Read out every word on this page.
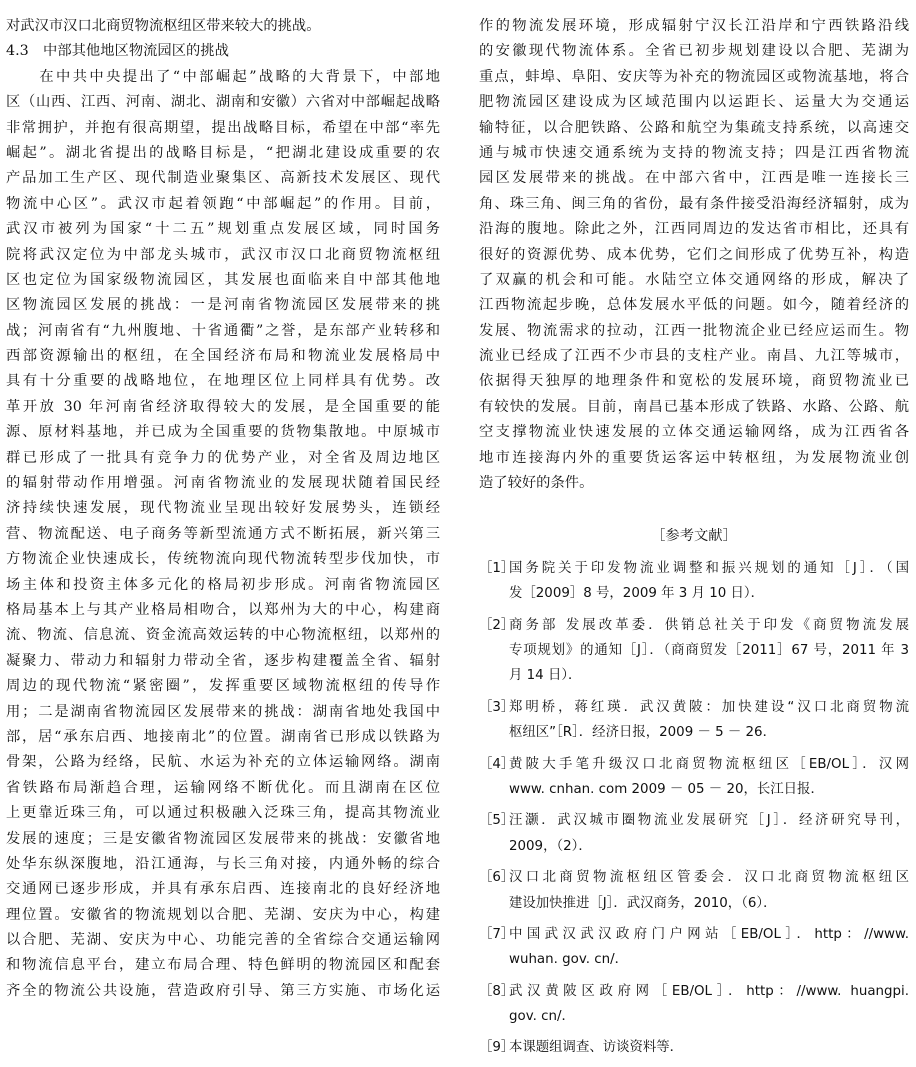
对武汉市汉口北商贸物流枢纽区带来较大的挑战。
4.3　中部其他地区物流园区的挑战
　　在中共中央提出了“中部崛起”战略的大背景下，中部地
区（山西、江西、河南、湖北、湖南和安徽）六省对中部崛起战略
非常拥护，并抱有很高期望，提出战略目标，希望在中部“率先
崛起”。湖北省提出的战略目标是，“把湖北建设成重要的农
产品加工生产区、现代制造业聚集区、高新技术发展区、现代
物流中心区”。武汉市起着领跑“中部崛起”的作用。目前，
武汉市被列为国家“十二五”规划重点发展区域，同时国务
院将武汉定位为中部龙头城市，武汉市汉口北商贸物流枢纽
区也定位为国家级物流园区，其发展也面临来自中部其他地
区物流园区发展的挑战：一是河南省物流园区发展带来的挑
战；河南省有“九州腹地、十省通衢”之誉，是东部产业转移和
西部资源输出的枢纽，在全国经济布局和物流业发展格局中
具有十分重要的战略地位，在地理区位上同样具有优势。改
革开放 30 年河南省经济取得较大的发展，是全国重要的能
源、原材料基地，并已成为全国重要的货物集散地。中原城市
群已形成了一批具有竞争力的优势产业，对全省及周边地区
的辐射带动作用增强。河南省物流业的发展现状随着国民经
济持续快速发展，现代物流业呈现出较好发展势头，连锁经
营、物流配送、电子商务等新型流通方式不断拓展，新兴第三
方物流企业快速成长，传统物流向现代物流转型步伐加快，市
场主体和投资主体多元化的格局初步形成。河南省物流园区
格局基本上与其产业格局相吻合，以郑州为大的中心，构建商
流、物流、信息流、资金流高效运转的中心物流枢纽，以郑州的
凝聚力、带动力和辐射力带动全省，逐步构建覆盖全省、辐射
周边的现代物流“紧密圈”，发挥重要区域物流枢纽的传导作
用；二是湖南省物流园区发展带来的挑战：湖南省地处我国中
部，居“承东启西、地接南北”的位置。湖南省已形成以铁路为
骨架，公路为经络，民航、水运为补充的立体运输网络。湖南
省铁路布局渐趋合理，运输网络不断优化。而且湖南在区位
上更靠近珠三角，可以通过积极融入泛珠三角，提高其物流业
发展的速度；三是安徽省物流园区发展带来的挑战：安徽省地
处华东纵深腹地，沿江通海，与长三角对接，内通外畅的综合
交通网已逐步形成，并具有承东启西、连接南北的良好经济地
理位置。安徽省的物流规划以合肥、芜湖、安庆为中心，构建
以合肥、芜湖、安庆为中心、功能完善的全省综合交通运输网
和物流信息平台，建立布局合理、特色鲜明的物流园区和配套
齐全的物流公共设施，营造政府引导、第三方实施、市场化运
作的物流发展环境，形成辐射宁汉长江沿岸和宁西铁路沿线
的安徽现代物流体系。全省已初步规划建设以合肥、芜湖为
重点，蚌埠、阜阳、安庆等为补充的物流园区或物流基地，将合
肥物流园区建设成为区域范围内以运距长、运量大为交通运
输特征，以合肥铁路、公路和航空为集疏支持系统，以高速交
通与城市快速交通系统为支持的物流支持；四是江西省物流
园区发展带来的挑战。在中部六省中，江西是唯一连接长三
角、珠三角、闽三角的省份，最有条件接受沿海经济辐射，成为
沿海的腹地。除此之外，江西同周边的发达省市相比，还具有
很好的资源优势、成本优势，它们之间形成了优势互补，构造
了双赢的机会和可能。水陆空立体交通网络的形成，解决了
江西物流起步晚，总体发展水平低的问题。如今，随着经济的
发展、物流需求的拉动，江西一批物流企业已经应运而生。物
流业已经成了江西不少市县的支柱产业。南昌、九江等城市，
依据得天独厚的地理条件和宽松的发展环境，商贸物流业已
有较快的发展。目前，南昌已基本形成了铁路、水路、公路、航
空支撑物流业快速发展的立体交通运输网络，成为江西省各
地市连接海内外的重要货运客运中转枢纽，为发展物流业创
造了较好的条件。
［参考文献］
［1］
国务院关于印发物流业调整和振兴规划的通知［J］．（国
发［2009］8 号，2009 年 3 月 10 日）．
［2］
商务部 发展改革委．供销总社关于印发《商贸物流发展
专项规划》的通知［J］．（商商贸发［2011］67 号，2011 年 3
月 14 日）．
［3］
郑明桥，蒋红瑛．武汉黄陂：加快建设“汉口北商贸物流
枢纽区”［R］．经济日报，2009 － 5 － 26．
［4］
黄陂大手笔升级汉口北商贸物流枢纽区［EB/OL］．汉网
www. cnhan. com 2009 － 05 － 20，长江日报．
［5］
汪灏．武汉城市圈物流业发展研究［J］．经济研究导刊，
2009，（2）．
［6］
汉口北商贸物流枢纽区管委会．汉口北商贸物流枢纽区
建设加快推进［J］．武汉商务，2010，（6）．
［7］
中国武汉武汉政府门户网站［EB/OL］．http：//www.
wuhan. gov. cn/．
［8］
武汉黄陂区政府网［EB/OL］．http：//www. huangpi.
gov. cn/．
［9］
本课题组调查、访谈资料等．
